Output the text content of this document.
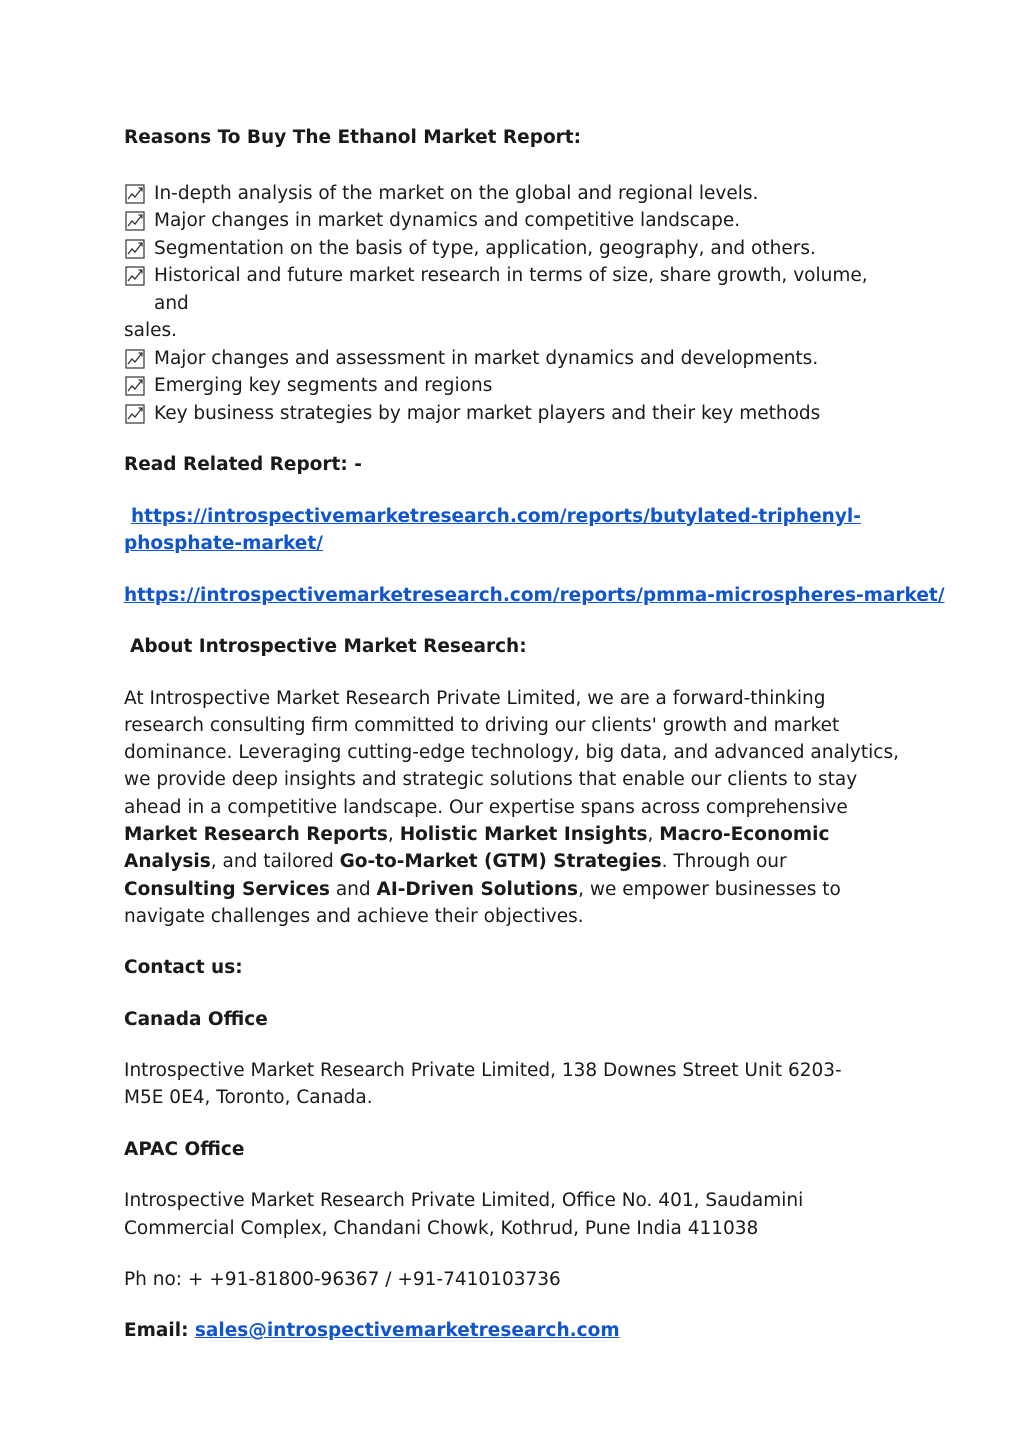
Reasons To Buy The Ethanol Market Report:

In-depth analysis of the market on the global and regional levels.
Major changes in market dynamics and competitive landscape.
Segmentation on the basis of type, application, geography, and others.
Historical and future market research in terms of size, share growth, volume, and

sales.

Major changes and assessment in market dynamics and developments.
Emerging key segments and regions
Key business strategies by major market players and their key methods

Read Related Report: -

https://introspectivemarketresearch.com/reports/butylated-triphenyl-

phosphate-market/

https://introspectivemarketresearch.com/reports/pmma-microspheres-market/

About Introspective Market Research:

At Introspective Market Research Private Limited, we are a forward-thinking research consulting firm committed to driving our clients' growth and market dominance. Leveraging cutting-edge technology, big data, and advanced analytics, we provide deep insights and strategic solutions that enable our clients to stay ahead in a competitive landscape. Our expertise spans across comprehensive Market Research Reports, Holistic Market Insights, Macro-Economic Analysis, and tailored Go-to-Market (GTM) Strategies. Through our Consulting Services and AI-Driven Solutions, we empower businesses to navigate challenges and achieve their objectives.

Contact us:

Canada Office

Introspective Market Research Private Limited, 138 Downes Street Unit 6203- M5E 0E4, Toronto, Canada.

APAC Office

Introspective Market Research Private Limited, Office No. 401, Saudamini Commercial Complex, Chandani Chowk, Kothrud, Pune India 411038

Ph no: + +91-81800-96367 / +91-7410103736

Email: sales@introspectivemarketresearch.com
